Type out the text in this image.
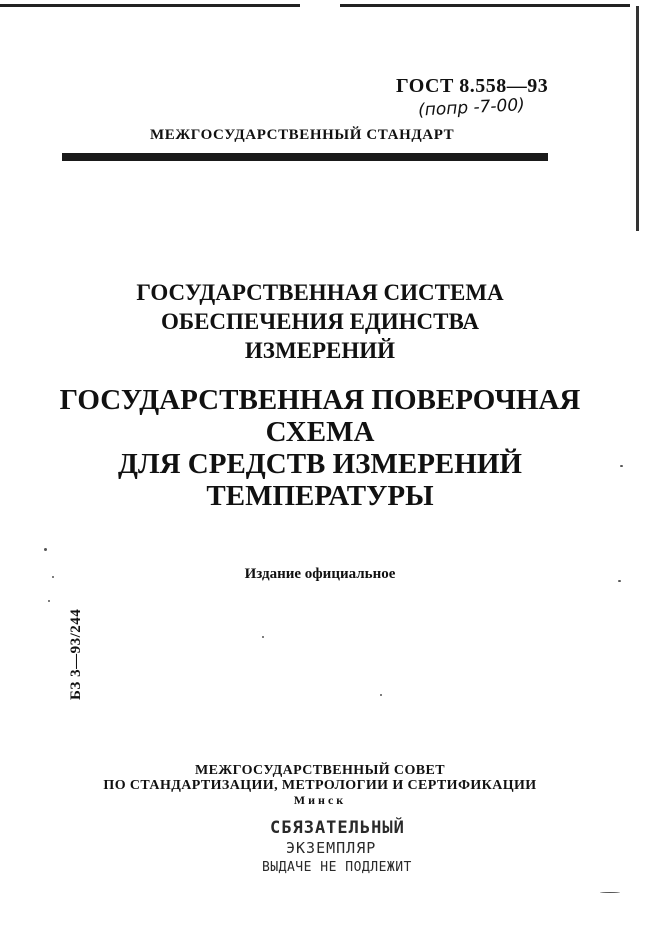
ГОСТ 8.558—93
(попр -7-00)
МЕЖГОСУДАРСТВЕННЫЙ СТАНДАРТ
ГОСУДАРСТВЕННАЯ СИСТЕМА
ОБЕСПЕЧЕНИЯ ЕДИНСТВА
ИЗМЕРЕНИЙ
ГОСУДАРСТВЕННАЯ ПОВЕРОЧНАЯ
СХЕМА
ДЛЯ СРЕДСТВ ИЗМЕРЕНИЙ
ТЕМПЕРАТУРЫ
Издание официальное
БЗ 3—93/244
МЕЖГОСУДАРСТВЕННЫЙ СОВЕТ
ПО СТАНДАРТИЗАЦИИ, МЕТРОЛОГИИ И СЕРТИФИКАЦИИ
Минск
СБЯЗАТЕЛЬНЫЙ
ЭКЗЕМПЛЯР
ВЫДАЧЕ НЕ ПОДЛЕЖИТ
